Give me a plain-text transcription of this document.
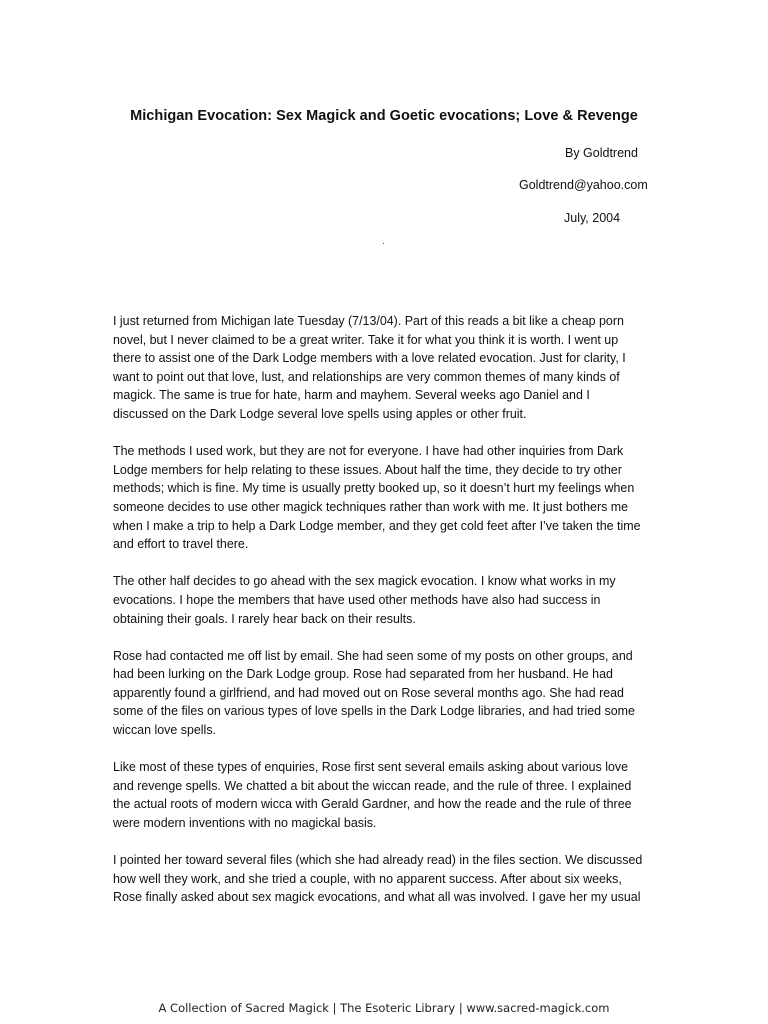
Michigan Evocation: Sex Magick and Goetic evocations; Love & Revenge
By Goldtrend
Goldtrend@yahoo.com
July, 2004
.

I just returned from Michigan late Tuesday (7/13/04). Part of this reads a bit like a cheap porn
novel, but I never claimed to be a great writer. Take it for what you think it is worth. I went up
there to assist one of the Dark Lodge members with a love related evocation. Just for clarity, I
want to point out that love, lust, and relationships are very common themes of many kinds of
magick. The same is true for hate, harm and mayhem. Several weeks ago Daniel and I
discussed on the Dark Lodge several love spells using apples or other fruit.

The methods I used work, but they are not for everyone. I have had other inquiries from Dark
Lodge members for help relating to these issues. About half the time, they decide to try other
methods; which is fine. My time is usually pretty booked up, so it doesn’t hurt my feelings when
someone decides to use other magick techniques rather than work with me. It just bothers me
when I make a trip to help a Dark Lodge member, and they get cold feet after I’ve taken the time
and effort to travel there.

The other half decides to go ahead with the sex magick evocation. I know what works in my
evocations. I hope the members that have used other methods have also had success in
obtaining their goals. I rarely hear back on their results.

Rose had contacted me off list by email. She had seen some of my posts on other groups, and
had been lurking on the Dark Lodge group. Rose had separated from her husband. He had
apparently found a girlfriend, and had moved out on Rose several months ago. She had read
some of the files on various types of love spells in the Dark Lodge libraries, and had tried some
wiccan love spells.

Like most of these types of enquiries, Rose first sent several emails asking about various love
and revenge spells. We chatted a bit about the wiccan reade, and the rule of three. I explained
the actual roots of modern wicca with Gerald Gardner, and how the reade and the rule of three
were modern inventions with no magickal basis.

I pointed her toward several files (which she had already read) in the files section. We discussed
how well they work, and she tried a couple, with no apparent success. After about six weeks,
Rose finally asked about sex magick evocations, and what all was involved. I gave her my usual

A Collection of Sacred Magick | The Esoteric Library | www.sacred-magick.com
